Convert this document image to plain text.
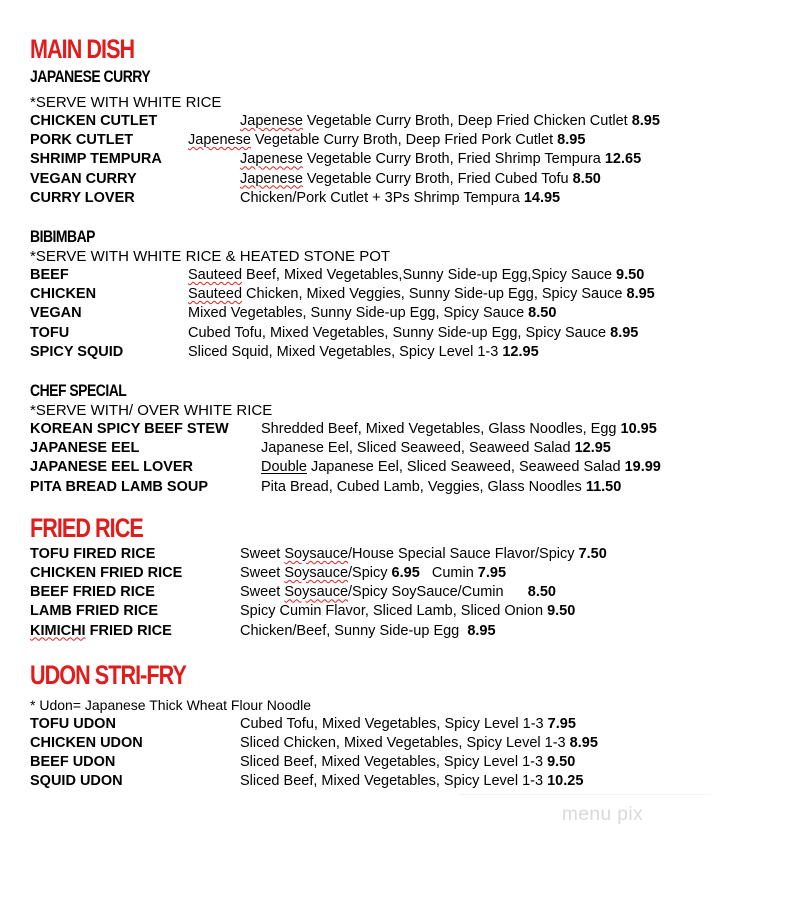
MAIN DISH
JAPANESE CURRY
*SERVE WITH WHITE RICE
CHICKEN CUTLET	Japenese Vegetable Curry Broth, Deep Fried Chicken Cutlet 8.95
PORK CUTLET	Japenese Vegetable Curry Broth, Deep Fried Pork Cutlet 8.95
SHRIMP TEMPURA	Japenese Vegetable Curry Broth, Fried Shrimp Tempura 12.65
VEGAN CURRY	Japenese Vegetable Curry Broth, Fried Cubed Tofu 8.50
CURRY LOVER	Chicken/Pork Cutlet + 3Ps Shrimp Tempura 14.95
BIBIMBAP
*SERVE WITH WHITE RICE & HEATED STONE POT
BEEF	Sauteed Beef, Mixed Vegetables,Sunny Side-up Egg,Spicy Sauce 9.50
CHICKEN	Sauteed Chicken, Mixed Veggies, Sunny Side-up Egg, Spicy Sauce 8.95
VEGAN	Mixed Vegetables, Sunny Side-up Egg, Spicy Sauce 8.50
TOFU	Cubed Tofu, Mixed Vegetables, Sunny Side-up Egg, Spicy Sauce 8.95
SPICY SQUID	Sliced Squid, Mixed Vegetables, Spicy Level 1-3 12.95
CHEF SPECIAL
*SERVE WITH/ OVER WHITE RICE
KOREAN SPICY BEEF STEW	Shredded Beef, Mixed Vegetables, Glass Noodles, Egg 10.95
JAPANESE EEL	Japanese Eel, Sliced Seaweed, Seaweed Salad 12.95
JAPANESE EEL LOVER	Double Japanese Eel, Sliced Seaweed, Seaweed Salad 19.99
PITA BREAD LAMB SOUP	Pita Bread, Cubed Lamb, Veggies, Glass Noodles 11.50
FRIED RICE
TOFU FIRED RICE	Sweet Soysauce/House Special Sauce Flavor/Spicy 7.50
CHICKEN FRIED RICE	Sweet Soysauce/Spicy 6.95   Cumin 7.95
BEEF FRIED RICE	Sweet Soysauce/Spicy SoySauce/Cumin      8.50
LAMB FRIED RICE	Spicy Cumin Flavor, Sliced Lamb, Sliced Onion 9.50
KIMICHI FRIED RICE	Chicken/Beef, Sunny Side-up Egg  8.95
UDON STRI-FRY
* Udon= Japanese Thick Wheat Flour Noodle
TOFU UDON	Cubed Tofu, Mixed Vegetables, Spicy Level 1-3 7.95
CHICKEN UDON	Sliced Chicken, Mixed Vegetables, Spicy Level 1-3 8.95
BEEF UDON	Sliced Beef, Mixed Vegetables, Spicy Level 1-3 9.50
SQUID UDON	Sliced Beef, Mixed Vegetables, Spicy Level 1-3 10.25
menu pix
